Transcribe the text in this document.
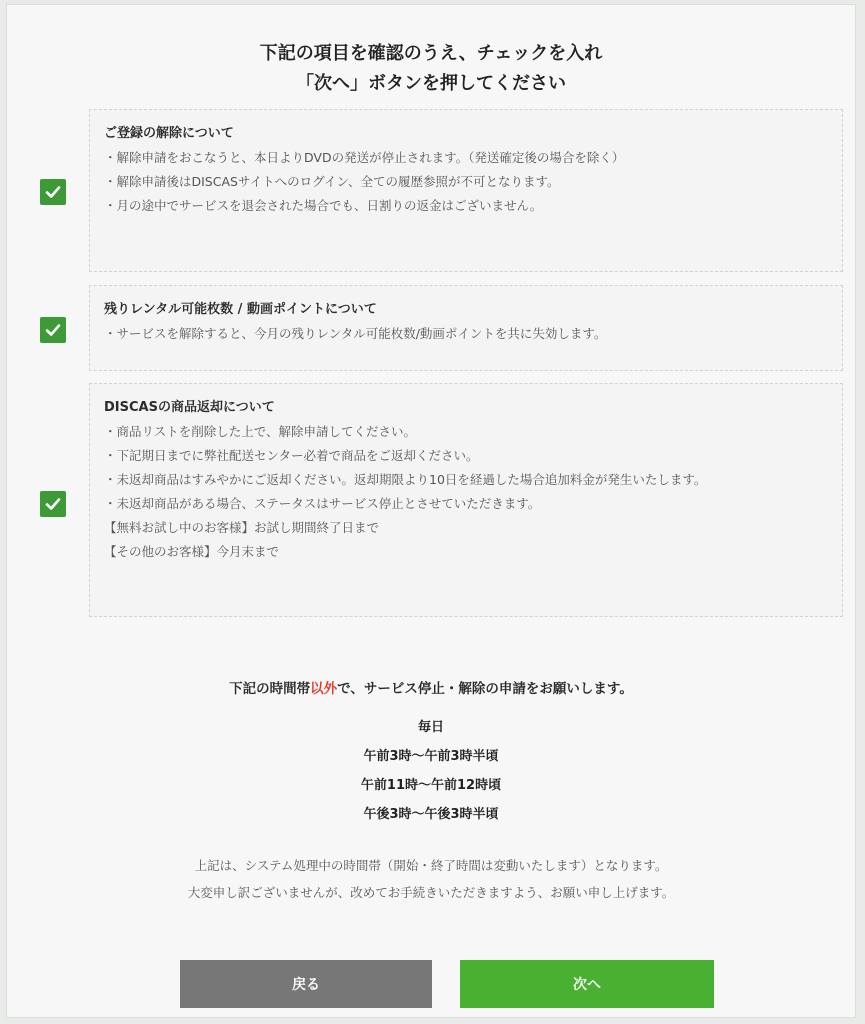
下記の項目を確認のうえ、チェックを入れ
「次へ」ボタンを押してください
ご登録の解除について
・解除申請をおこなうと、本日よりDVDの発送が停止されます。（発送確定後の場合を除く）
・解除申請後はDISCASサイトへのログイン、全ての履歴参照が不可となります。
・月の途中でサービスを退会された場合でも、日割りの返金はございません。
残りレンタル可能枚数 / 動画ポイントについて
・サービスを解除すると、今月の残りレンタル可能枚数/動画ポイントを共に失効します。
DISCASの商品返却について
・商品リストを削除した上で、解除申請してください。
・下記期日までに弊社配送センター必着で商品をご返却ください。
・未返却商品はすみやかにご返却ください。返却期限より10日を経過した場合追加料金が発生いたします。
・未返却商品がある場合、ステータスはサービス停止とさせていただきます。
【無料お試し中のお客様】お試し期間終了日まで
【その他のお客様】今月末まで
下記の時間帯以外で、サービス停止・解除の申請をお願いします。
毎日
午前3時～午前3時半頃
午前11時～午前12時頃
午後3時～午後3時半頃
上記は、システム処理中の時間帯（開始・終了時間は変動いたします）となります。
大変申し訳ございませんが、改めてお手続きいただきますよう、お願い申し上げます。
戻る	次へ
